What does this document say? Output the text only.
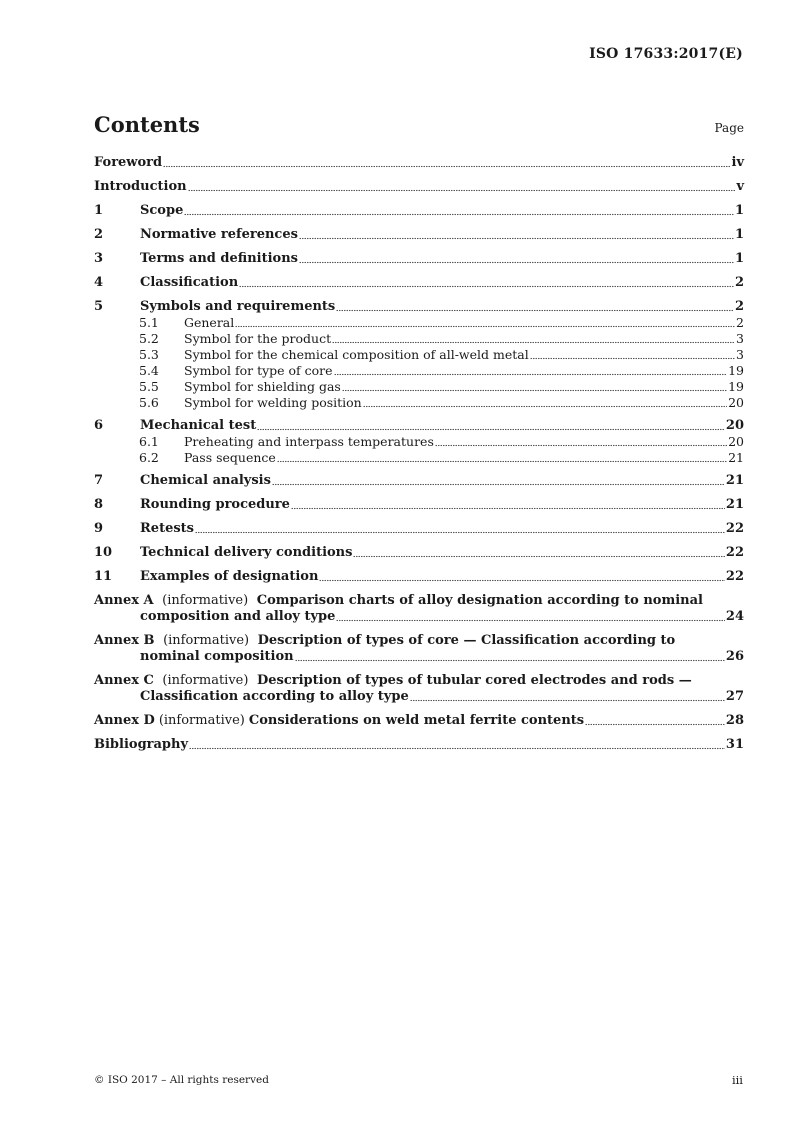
ISO 17633:2017(E)
Contents	Page
Foreword	iv
Introduction	v
1	Scope	1
2	Normative references	1
3	Terms and definitions	1
4	Classification	2
5	Symbols and requirements	2
5.1	General	2
5.2	Symbol for the product	3
5.3	Symbol for the chemical composition of all-weld metal	3
5.4	Symbol for type of core	19
5.5	Symbol for shielding gas	19
5.6	Symbol for welding position	20
6	Mechanical test	20
6.1	Preheating and interpass temperatures	20
6.2	Pass sequence	21
7	Chemical analysis	21
8	Rounding procedure	21
9	Retests	22
10	Technical delivery conditions	22
11	Examples of designation	22
Annex A (informative) Comparison charts of alloy designation according to nominal
composition and alloy type	24
Annex B (informative) Description of types of core — Classification according to
nominal composition	26
Annex C (informative) Description of types of tubular cored electrodes and rods —
Classification according to alloy type	27
Annex D (informative) Considerations on weld metal ferrite contents	28
Bibliography	31
© ISO 2017 – All rights reserved	iii
